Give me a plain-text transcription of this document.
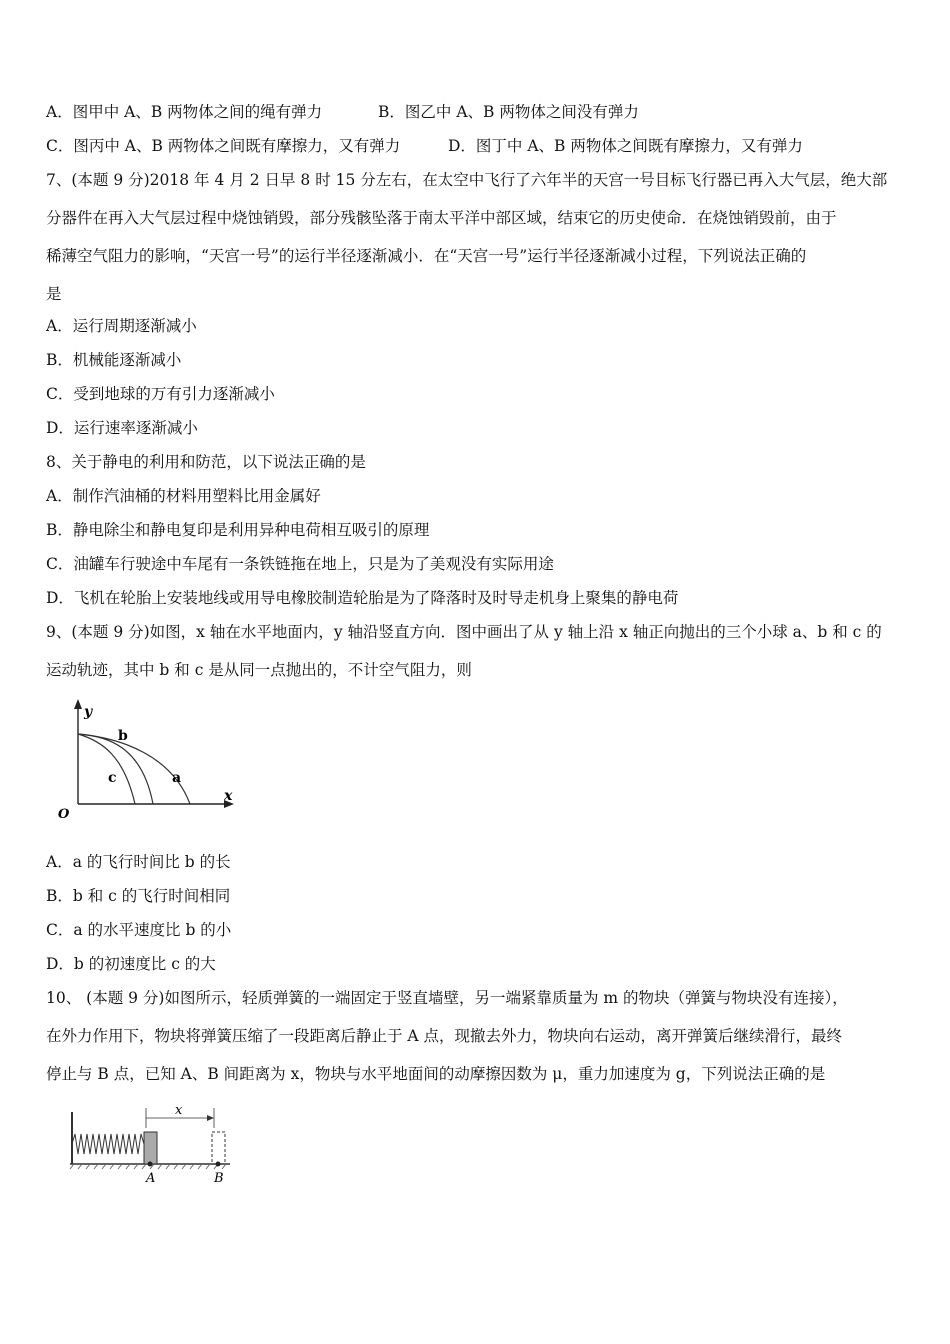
A．图甲中 A、B 两物体之间的绳有弹力	B．图乙中 A、B 两物体之间没有弹力
C．图丙中 A、B 两物体之间既有摩擦力，又有弹力	D．图丁中 A、B 两物体之间既有摩擦力，又有弹力
7、(本题 9 分)2018 年 4 月 2 日早 8 时 15 分左右，在太空中飞行了六年半的天宫一号目标飞行器已再入大气层，绝大部
分器件在再入大气层过程中烧蚀销毁，部分残骸坠落于南太平洋中部区域，结束它的历史使命．在烧蚀销毁前，由于
稀薄空气阻力的影响，“天宫一号”的运行半径逐渐减小．在“天宫一号”运行半径逐渐减小过程，下列说法正确的
是
A．运行周期逐渐减小
B．机械能逐渐减小
C．受到地球的万有引力逐渐减小
D．运行速率逐渐减小
8、关于静电的利用和防范，以下说法正确的是
A．制作汽油桶的材料用塑料比用金属好
B．静电除尘和静电复印是利用异种电荷相互吸引的原理
C．油罐车行驶途中车尾有一条铁链拖在地上，只是为了美观没有实际用途
D．飞机在轮胎上安装地线或用导电橡胶制造轮胎是为了降落时及时导走机身上聚集的静电荷
9、(本题 9 分)如图，x 轴在水平地面内，y 轴沿竖直方向．图中画出了从 y 轴上沿 x 轴正向抛出的三个小球 a、b 和 c 的
运动轨迹，其中 b 和 c 是从同一点抛出的，不计空气阻力，则
y
x
O
b
c	a
A．a 的飞行时间比 b 的长
B．b 和 c 的飞行时间相同
C．a 的水平速度比 b 的小
D．b 的初速度比 c 的大
10、 (本题 9 分)如图所示，轻质弹簧的一端固定于竖直墙壁，另一端紧靠质量为 m 的物块（弹簧与物块没有连接），
在外力作用下，物块将弹簧压缩了一段距离后静止于 A 点，现撤去外力，物块向右运动，离开弹簧后继续滑行，最终
停止与 B 点，已知 A、B 间距离为 x，物块与水平地面间的动摩擦因数为 μ，重力加速度为 g，下列说法正确的是
x
A	B
